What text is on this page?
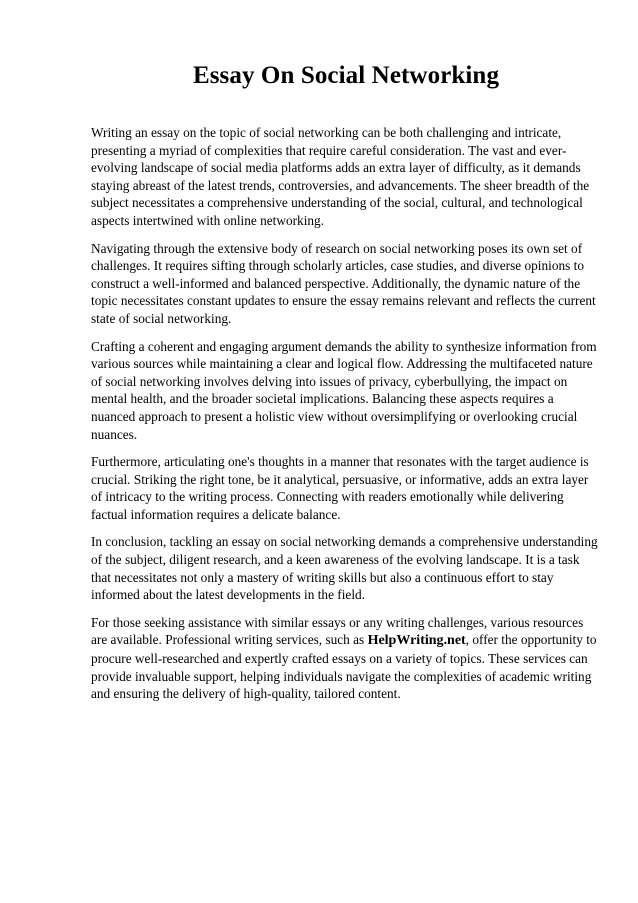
Essay On Social Networking

Writing an essay on the topic of social networking can be both challenging and intricate, presenting a myriad of complexities that require careful consideration. The vast and ever-evolving landscape of social media platforms adds an extra layer of difficulty, as it demands staying abreast of the latest trends, controversies, and advancements. The sheer breadth of the subject necessitates a comprehensive understanding of the social, cultural, and technological aspects intertwined with online networking.

Navigating through the extensive body of research on social networking poses its own set of challenges. It requires sifting through scholarly articles, case studies, and diverse opinions to construct a well-informed and balanced perspective. Additionally, the dynamic nature of the topic necessitates constant updates to ensure the essay remains relevant and reflects the current state of social networking.

Crafting a coherent and engaging argument demands the ability to synthesize information from various sources while maintaining a clear and logical flow. Addressing the multifaceted nature of social networking involves delving into issues of privacy, cyberbullying, the impact on mental health, and the broader societal implications. Balancing these aspects requires a nuanced approach to present a holistic view without oversimplifying or overlooking crucial nuances.

Furthermore, articulating one's thoughts in a manner that resonates with the target audience is crucial. Striking the right tone, be it analytical, persuasive, or informative, adds an extra layer of intricacy to the writing process. Connecting with readers emotionally while delivering factual information requires a delicate balance.

In conclusion, tackling an essay on social networking demands a comprehensive understanding of the subject, diligent research, and a keen awareness of the evolving landscape. It is a task that necessitates not only a mastery of writing skills but also a continuous effort to stay informed about the latest developments in the field.

For those seeking assistance with similar essays or any writing challenges, various resources are available. Professional writing services, such as HelpWriting.net, offer the opportunity to procure well-researched and expertly crafted essays on a variety of topics. These services can provide invaluable support, helping individuals navigate the complexities of academic writing and ensuring the delivery of high-quality, tailored content.
